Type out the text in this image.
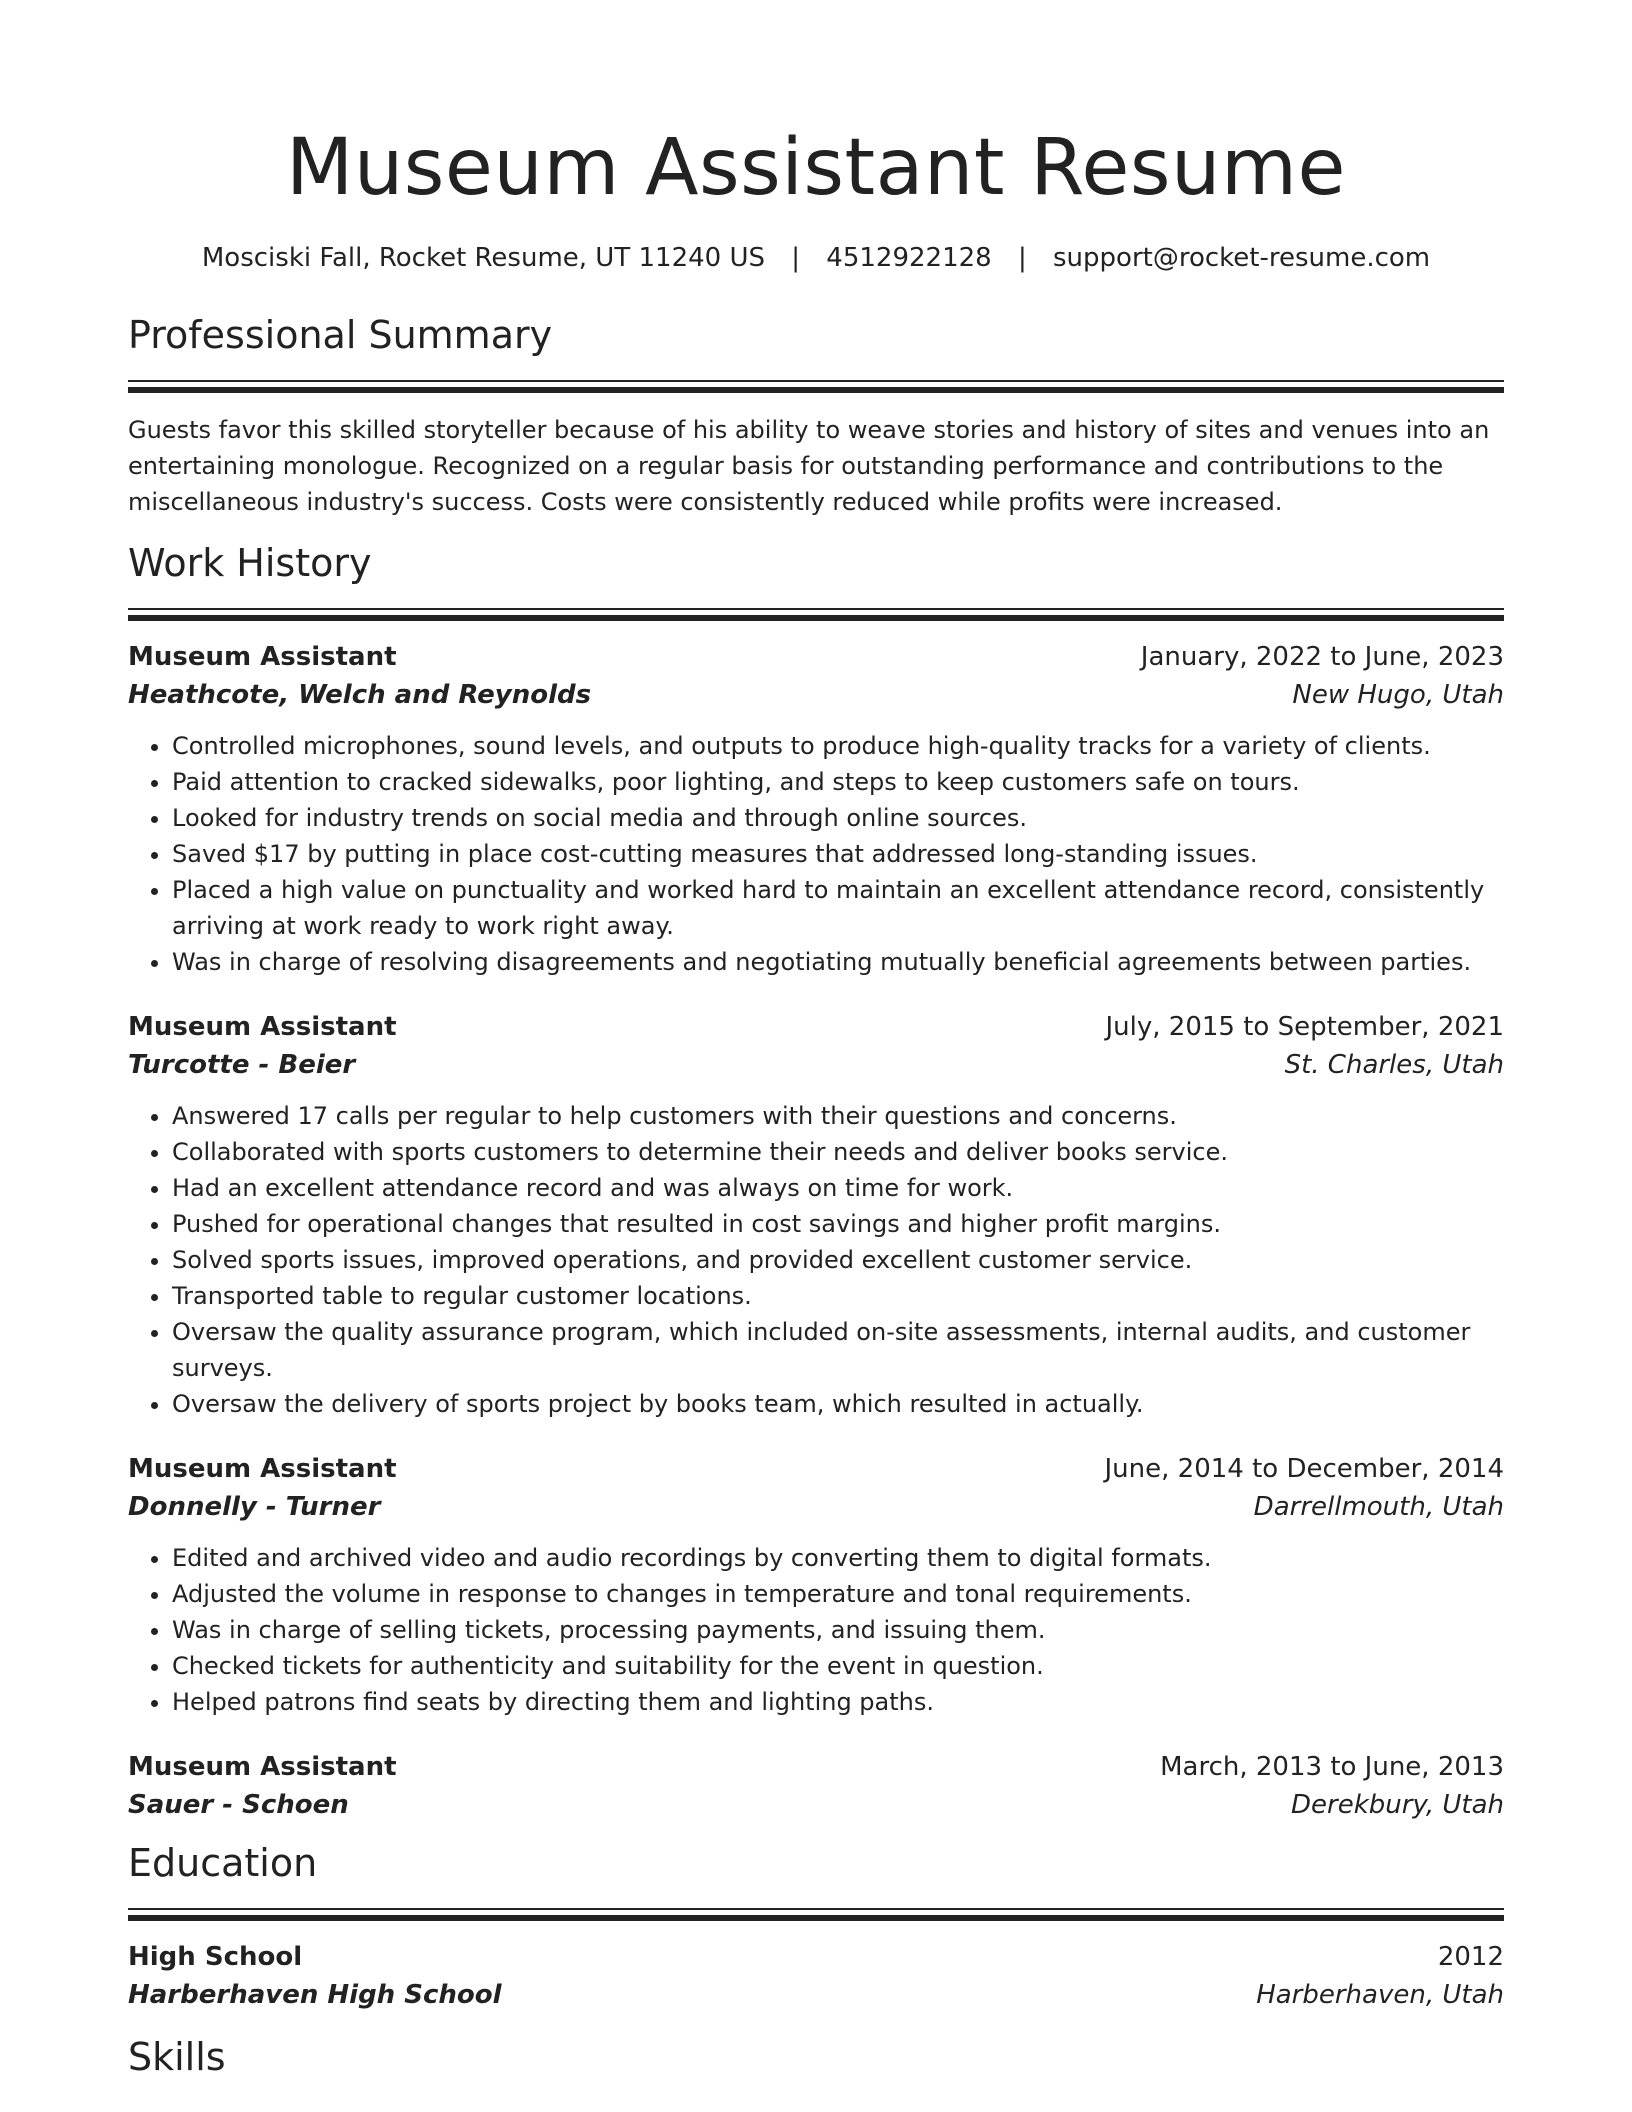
Museum Assistant Resume
Mosciski Fall, Rocket Resume, UT 11240 US | 4512922128 | support@rocket-resume.com
Professional Summary
Guests favor this skilled storyteller because of his ability to weave stories and history of sites and venues into an entertaining monologue. Recognized on a regular basis for outstanding performance and contributions to the miscellaneous industry's success. Costs were consistently reduced while profits were increased.
Work History
Museum Assistant	January, 2022 to June, 2023
Heathcote, Welch and Reynolds	New Hugo, Utah
• Controlled microphones, sound levels, and outputs to produce high-quality tracks for a variety of clients.
• Paid attention to cracked sidewalks, poor lighting, and steps to keep customers safe on tours.
• Looked for industry trends on social media and through online sources.
• Saved $17 by putting in place cost-cutting measures that addressed long-standing issues.
• Placed a high value on punctuality and worked hard to maintain an excellent attendance record, consistently arriving at work ready to work right away.
• Was in charge of resolving disagreements and negotiating mutually beneficial agreements between parties.
Museum Assistant	July, 2015 to September, 2021
Turcotte - Beier	St. Charles, Utah
• Answered 17 calls per regular to help customers with their questions and concerns.
• Collaborated with sports customers to determine their needs and deliver books service.
• Had an excellent attendance record and was always on time for work.
• Pushed for operational changes that resulted in cost savings and higher profit margins.
• Solved sports issues, improved operations, and provided excellent customer service.
• Transported table to regular customer locations.
• Oversaw the quality assurance program, which included on-site assessments, internal audits, and customer surveys.
• Oversaw the delivery of sports project by books team, which resulted in actually.
Museum Assistant	June, 2014 to December, 2014
Donnelly - Turner	Darrellmouth, Utah
• Edited and archived video and audio recordings by converting them to digital formats.
• Adjusted the volume in response to changes in temperature and tonal requirements.
• Was in charge of selling tickets, processing payments, and issuing them.
• Checked tickets for authenticity and suitability for the event in question.
• Helped patrons find seats by directing them and lighting paths.
Museum Assistant	March, 2013 to June, 2013
Sauer - Schoen	Derekbury, Utah
Education
High School	2012
Harberhaven High School	Harberhaven, Utah
Skills
